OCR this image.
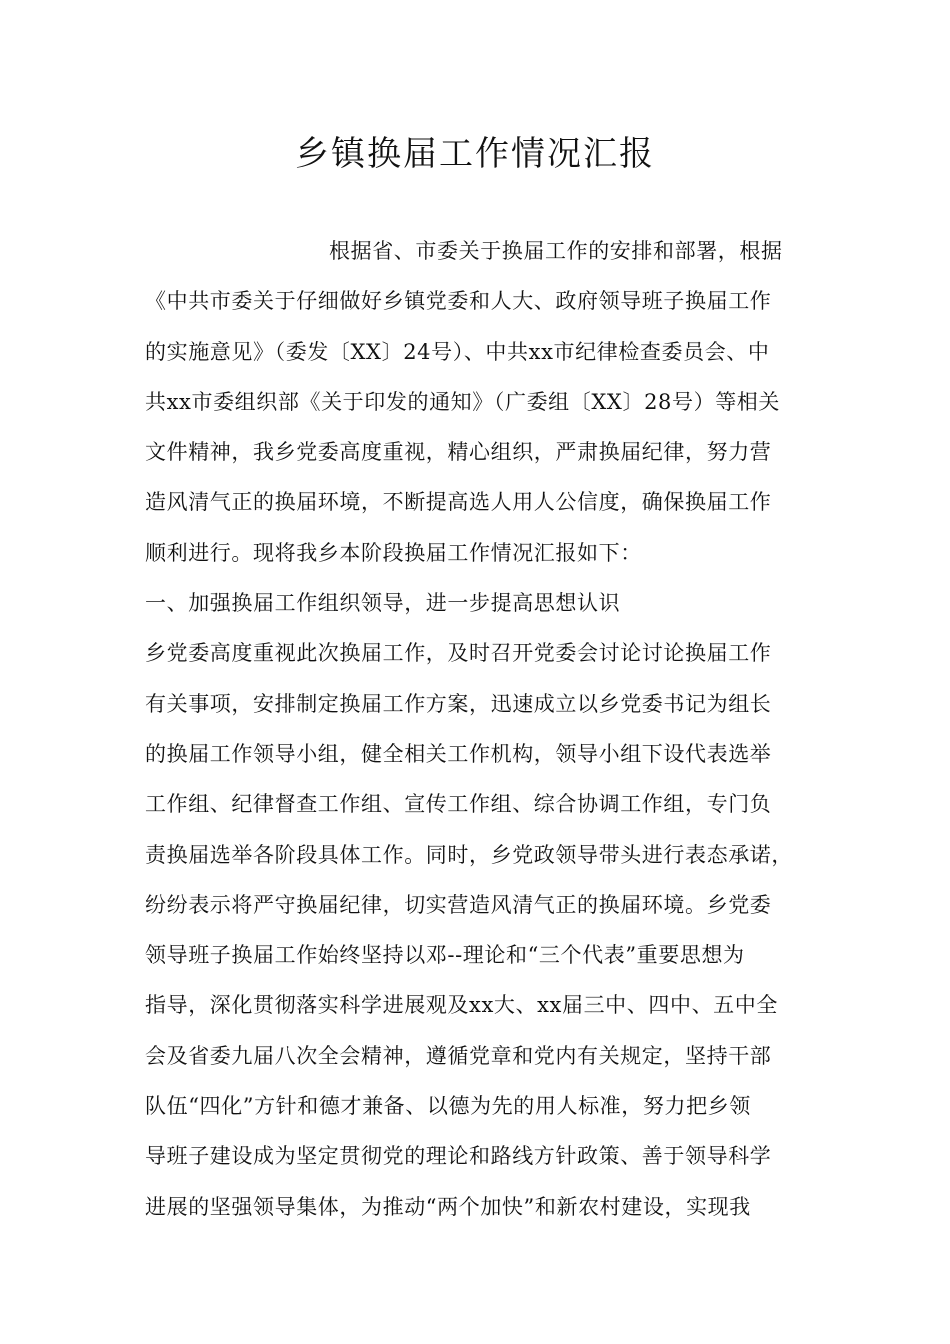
乡镇换届工作情况汇报
根据省、市委关于换届工作的安排和部署，根据
《中共市委关于仔细做好乡镇党委和人大、政府领导班子换届工作
的实施意见》（委发〔XX〕24号）、中共xx市纪律检查委员会、中
共xx市委组织部《关于印发的通知》（广委组〔XX〕28号）等相关
文件精神，我乡党委高度重视，精心组织，严肃换届纪律，努力营
造风清气正的换届环境，不断提高选人用人公信度，确保换届工作
顺利进行。现将我乡本阶段换届工作情况汇报如下：
一、加强换届工作组织领导，进一步提高思想认识
乡党委高度重视此次换届工作，及时召开党委会讨论讨论换届工作
有关事项，安排制定换届工作方案，迅速成立以乡党委书记为组长
的换届工作领导小组，健全相关工作机构，领导小组下设代表选举
工作组、纪律督查工作组、宣传工作组、综合协调工作组，专门负
责换届选举各阶段具体工作。同时，乡党政领导带头进行表态承诺，
纷纷表示将严守换届纪律，切实营造风清气正的换届环境。乡党委
领导班子换届工作始终坚持以邓--理论和“三个代表”重要思想为
指导，深化贯彻落实科学进展观及xx大、xx届三中、四中、五中全
会及省委九届八次全会精神，遵循党章和党内有关规定，坚持干部
队伍“四化”方针和德才兼备、以德为先的用人标准，努力把乡领
导班子建设成为坚定贯彻党的理论和路线方针政策、善于领导科学
进展的坚强领导集体，为推动“两个加快”和新农村建设，实现我
